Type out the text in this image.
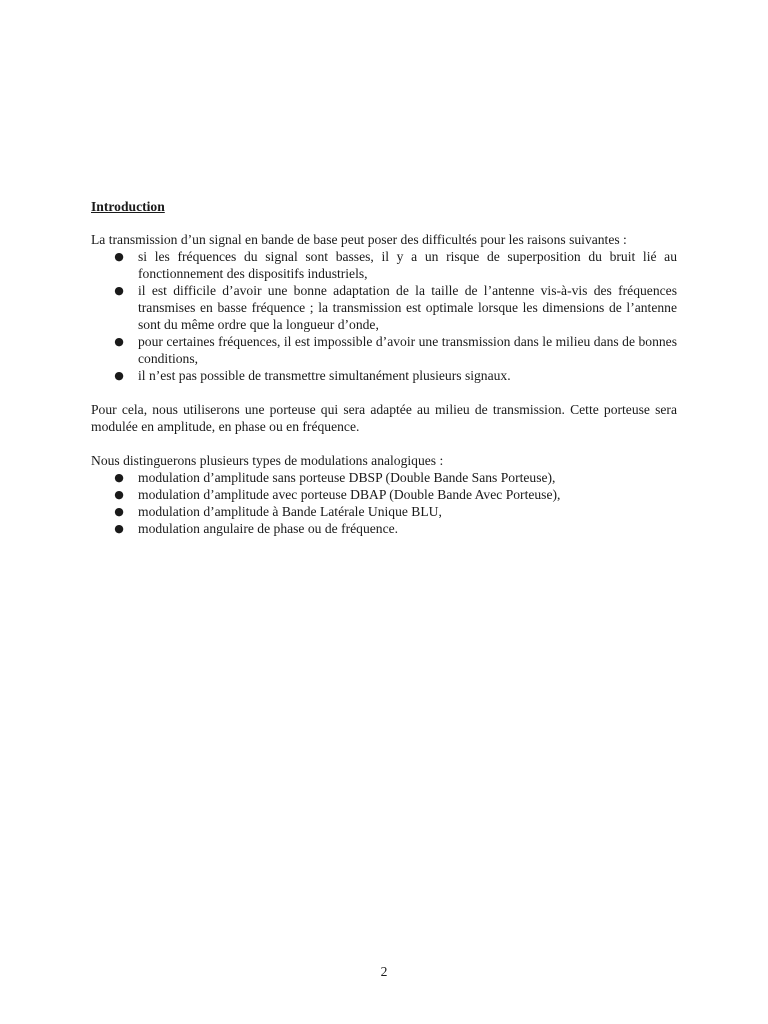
Introduction

La transmission d’un signal en bande de base peut poser des difficultés pour les raisons suivantes :

● si les fréquences du signal sont basses, il y a un risque de superposition du bruit lié au fonctionnement des dispositifs industriels,
● il est difficile d’avoir une bonne adaptation de la taille de l’antenne vis-à-vis des fréquences transmises en basse fréquence ; la transmission est optimale lorsque les dimensions de l’antenne sont du même ordre que la longueur d’onde,
● pour certaines fréquences, il est impossible d’avoir une transmission dans le milieu dans de bonnes conditions,
● il n’est pas possible de transmettre simultanément plusieurs signaux.

Pour cela, nous utiliserons une porteuse qui sera adaptée au milieu de transmission. Cette porteuse sera modulée en amplitude, en phase ou en fréquence.

Nous distinguerons plusieurs types de modulations analogiques :

● modulation d’amplitude sans porteuse DBSP (Double Bande Sans Porteuse),
● modulation d’amplitude avec porteuse DBAP (Double Bande Avec Porteuse),
● modulation d’amplitude à Bande Latérale Unique BLU,
● modulation angulaire de phase ou de fréquence.
2
